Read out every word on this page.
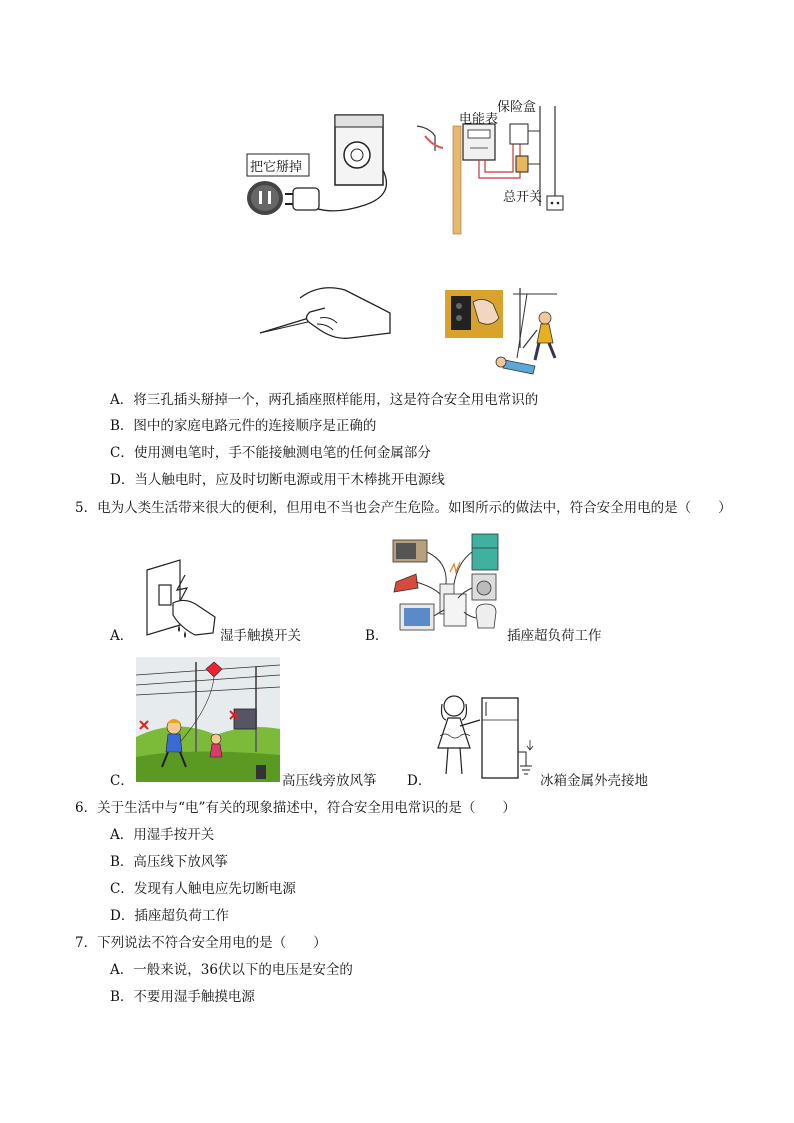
把它掰掉
电能表
保险盒
总开关
A．将三孔插头掰掉一个，两孔插座照样能用，这是符合安全用电常识的
B．图中的家庭电路元件的连接顺序是正确的
C．使用测电笔时，手不能接触测电笔的任何金属部分
D．当人触电时，应及时切断电源或用干木棒挑开电源线
5．电为人类生活带来很大的便利，但用电不当也会产生危险。如图所示的做法中，符合安全用电的是（　　）
A．	湿手触摸开关	B．	插座超负荷工作
C．	高压线旁放风筝 D．	冰箱金属外壳接地
6．关于生活中与“电”有关的现象描述中，符合安全用电常识的是（　　）
A．用湿手按开关
B．高压线下放风筝
C．发现有人触电应先切断电源
D．插座超负荷工作
7．下列说法不符合安全用电的是（　　）
A．一般来说，36伏以下的电压是安全的
B．不要用湿手触摸电源
